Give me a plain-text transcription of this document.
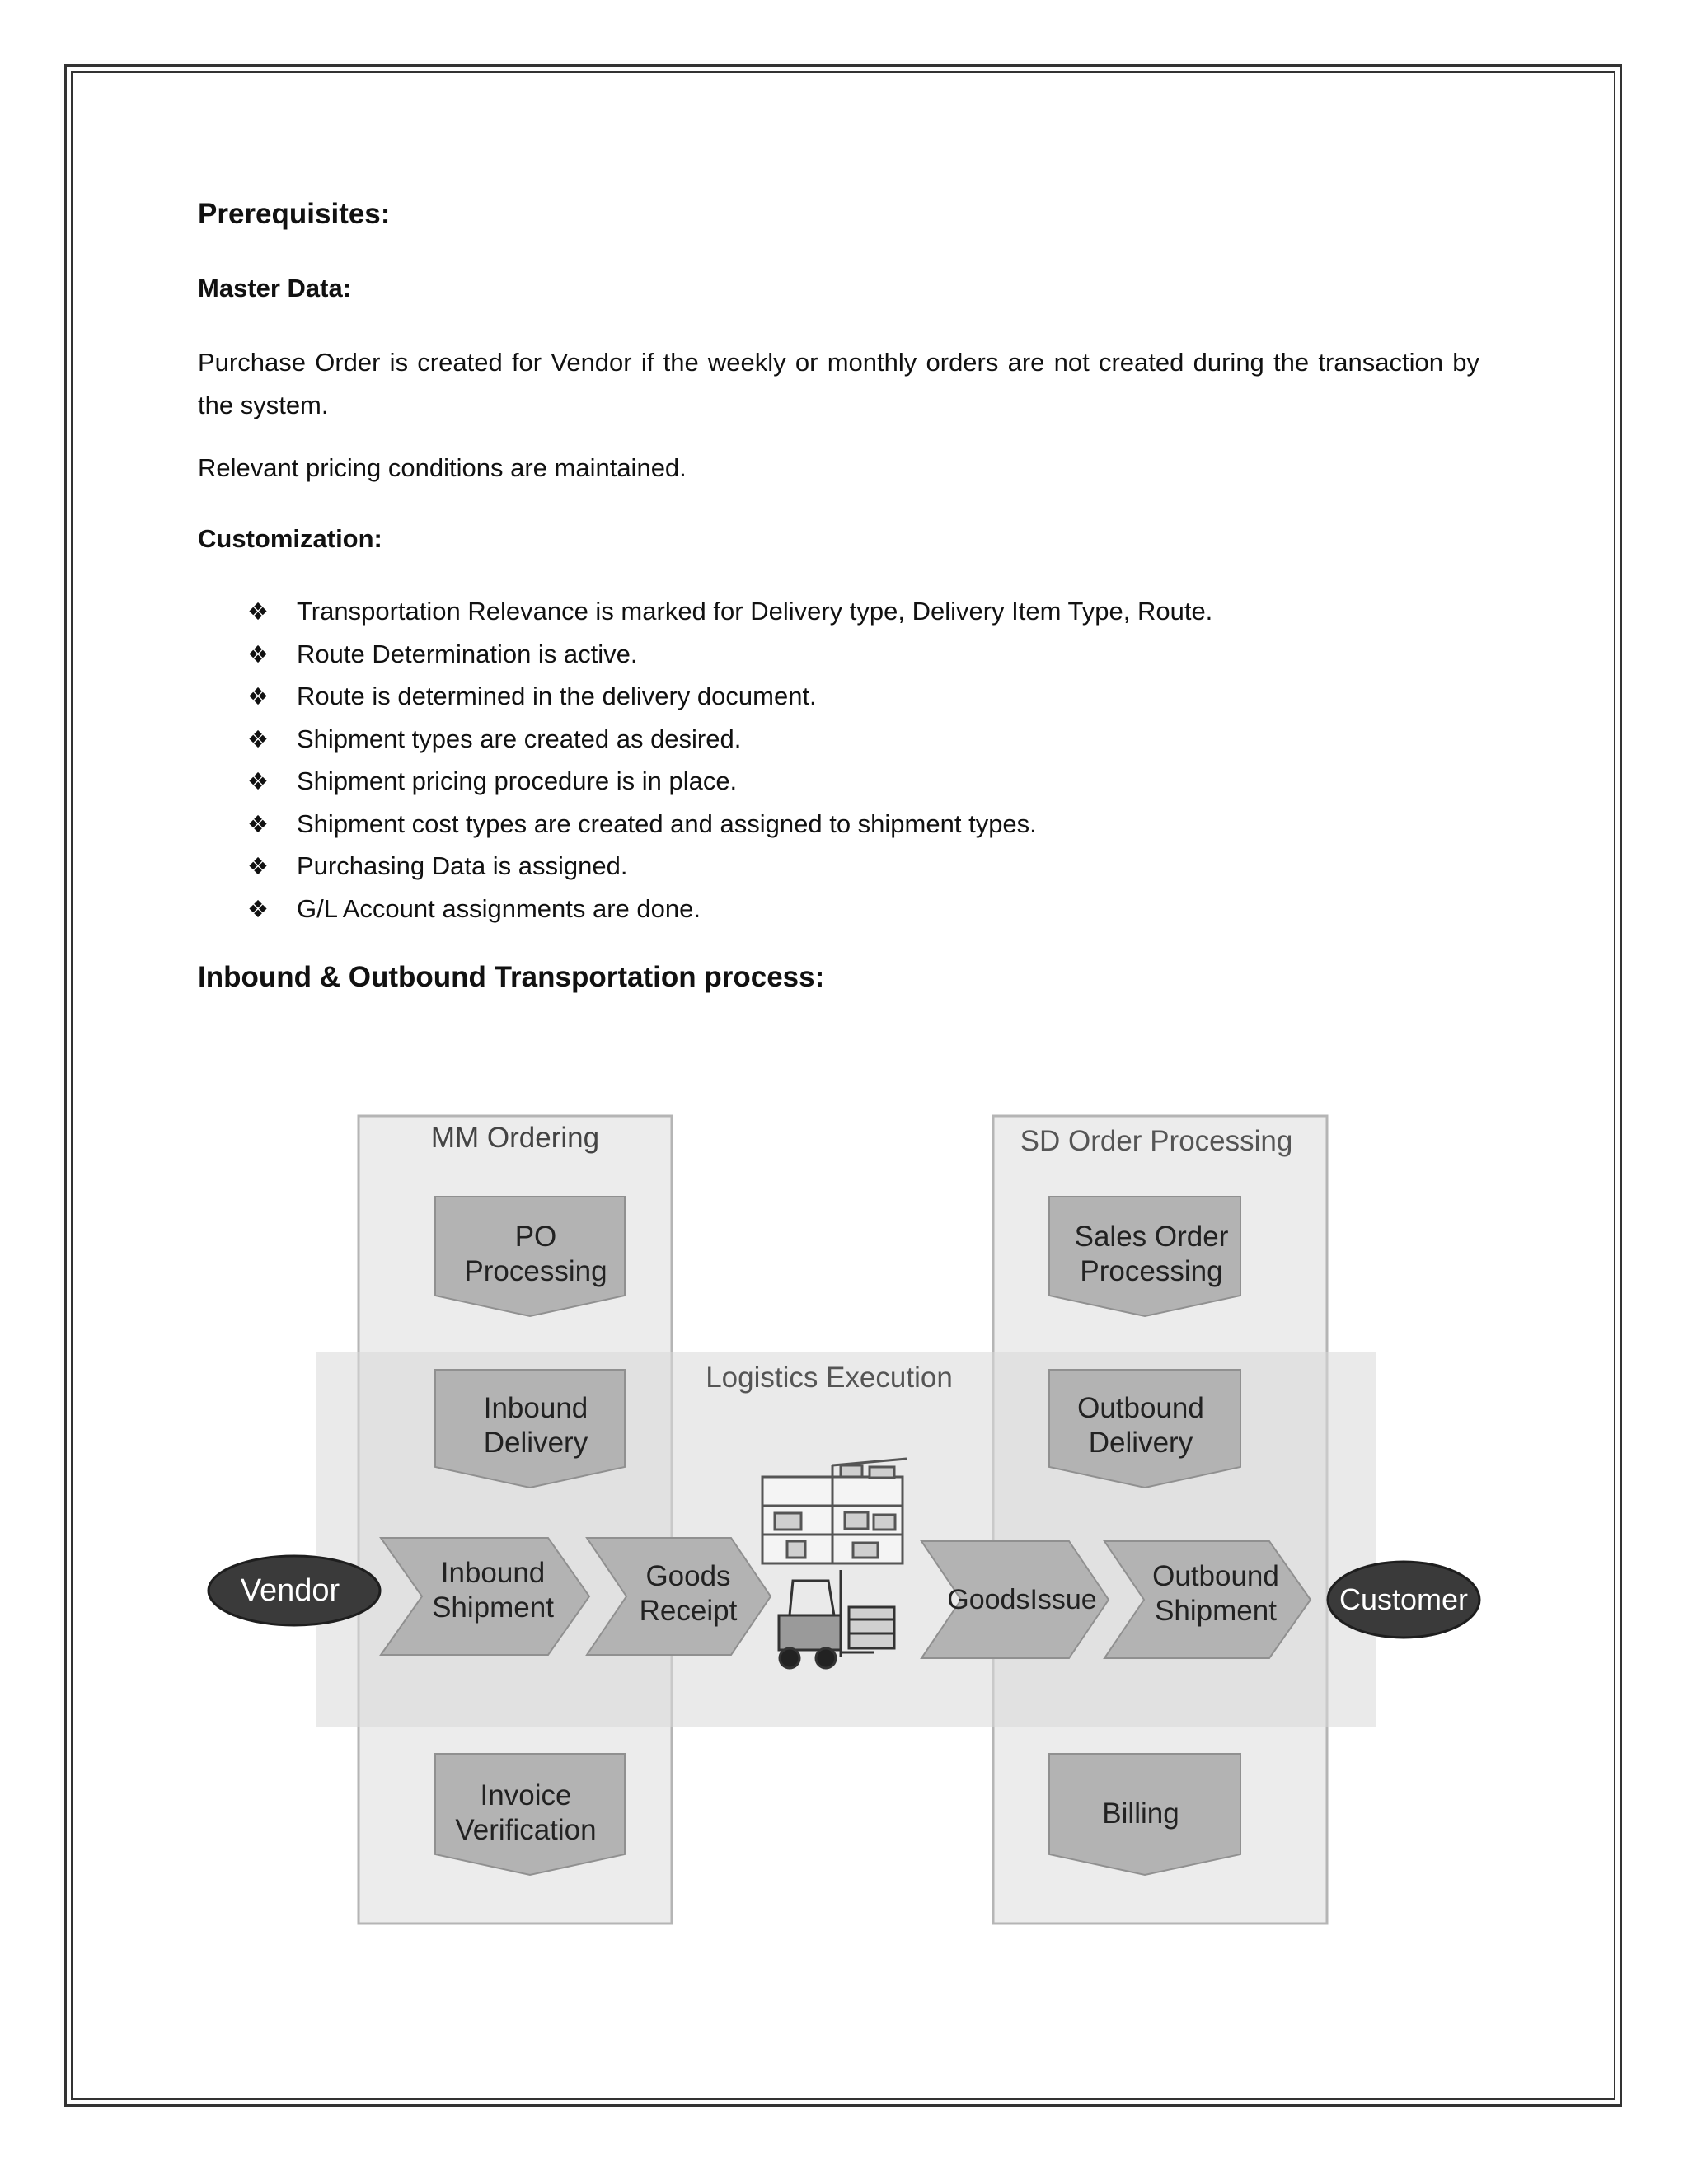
Prerequisites:
Master Data:
Purchase Order is created for Vendor if the weekly or monthly orders are not created during the transaction by the system.
Relevant pricing conditions are maintained.
Customization:
❖ Transportation Relevance is marked for Delivery type, Delivery Item Type, Route.
❖ Route Determination is active.
❖ Route is determined in the delivery document.
❖ Shipment types are created as desired.
❖ Shipment pricing procedure is in place.
❖ Shipment cost types are created and assigned to shipment types.
❖ Purchasing Data is assigned.
❖ G/L Account assignments are done.
Inbound & Outbound Transportation process:
MM Ordering	SD Order Processing
Logistics Execution
PO
Processing
Inbound
Delivery
Invoice
Verification
Sales Order
Processing
Outbound
Delivery
Billing
Inbound
Shipment
Goods
Receipt	GoodsIssue
Outbound
Shipment
Vendor	Customer
